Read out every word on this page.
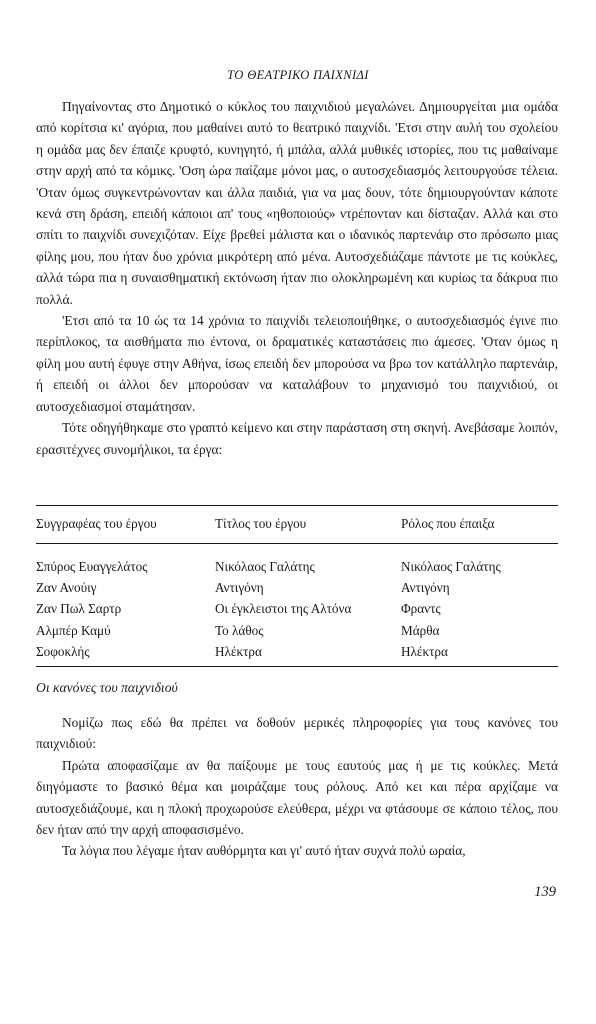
ΤΟ ΘΕΑΤΡΙΚΟ ΠΑΙΧΝΙΔΙ

Πηγαίνοντας στο Δημοτικό ο κύκλος του παιχνιδιού μεγαλώνει. Δημιουργείται μια ομάδα από κορίτσια κι' αγόρια, που μαθαίνει αυτό το θεατρικό παιχνίδι. 'Ετσι στην αυλή του σχολείου η ομάδα μας δεν έπαιζε κρυφτό, κυνηγητό, ή μπάλα, αλλά μυθικές ιστορίες, που τις μαθαίναμε στην αρχή από τα κόμικς. 'Οση ώρα παίζαμε μόνοι μας, ο αυτοσχεδιασμός λειτουργούσε τέλεια. 'Οταν όμως συγκεντρώνονταν και άλλα παιδιά, για να μας δουν, τότε δημιουργούνταν κάποτε κενά στη δράση, επειδή κάποιοι απ' τους «ηθοποιούς» ντρέπονταν και δίσταζαν. Αλλά και στο σπίτι το παιχνίδι συνεχιζόταν. Είχε βρεθεί μάλιστα και ο ιδανικός παρτενάιρ στο πρόσωπο μιας φίλης μου, που ήταν δυο χρόνια μικρότερη από μένα. Αυτοσχεδιάζαμε πάντοτε με τις κούκλες, αλλά τώρα πια η συναισθηματική εκτόνωση ήταν πιο ολοκληρωμένη και κυρίως τα δάκρυα πιο πολλά.

'Ετσι από τα 10 ώς τα 14 χρόνια το παιχνίδι τελειοποιήθηκε, ο αυτοσχεδιασμός έγινε πιο περίπλοκος, τα αισθήματα πιο έντονα, οι δραματικές καταστάσεις πιο άμεσες. 'Οταν όμως η φίλη μου αυτή έφυγε στην Αθήνα, ίσως επειδή δεν μπορούσα να βρω τον κατάλληλο παρτενάιρ, ή επειδή οι άλλοι δεν μπορούσαν να καταλάβουν το μηχανισμό του παιχνιδιού, οι αυτοσχεδιασμοί σταμάτησαν.

Τότε οδηγήθηκαμε στο γραπτό κείμενο και στην παράσταση στη σκηνή. Ανεβάσαμε λοιπόν, ερασιτέχνες συνομήλικοι, τα έργα:

Συγγραφέας του έργου	Τίτλος του έργου	Ρόλος που έπαιξα
Σπύρος Ευαγγελάτος	Νικόλαος Γαλάτης	Νικόλαος Γαλάτης
Ζαν Ανούιγ	Αντιγόνη	Αντιγόνη
Ζαν Πωλ Σαρτρ	Οι έγκλειστοι της Αλτόνα	Φραντς
Αλμπέρ Καμύ	Το λάθος	Μάρθα
Σοφοκλής	Ηλέκτρα	Ηλέκτρα
Οι κανόνες του παιχνιδιού

Νομίζω πως εδώ θα πρέπει να δοθούν μερικές πληροφορίες για τους κανόνες του παιχνιδιού:

Πρώτα αποφασίζαμε αν θα παίξουμε με τους εαυτούς μας ή με τις κούκλες. Μετά διηγόμαστε το βασικό θέμα και μοιράζαμε τους ρόλους. Από κει και πέρα αρχίζαμε να αυτοσχεδιάζουμε, και η πλοκή προχωρούσε ελεύθερα, μέχρι να φτάσουμε σε κάποιο τέλος, που δεν ήταν από την αρχή αποφασισμένο.

Τα λόγια που λέγαμε ήταν αυθόρμητα και γι' αυτό ήταν συχνά πολύ ωραία,

139
